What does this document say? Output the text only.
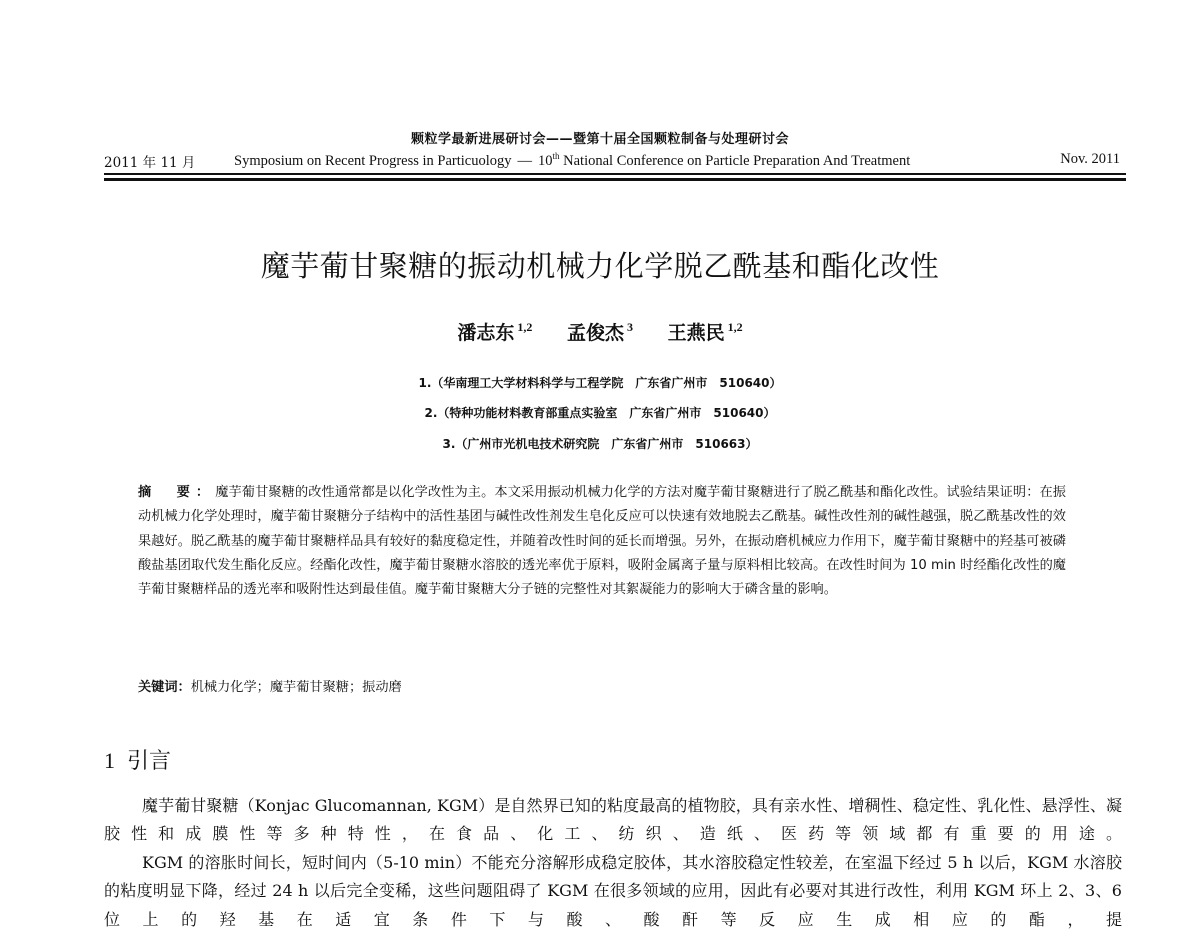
颗粒学最新进展研讨会——暨第十届全国颗粒制备与处理研讨会
2011 年 11 月	Symposium on Recent Progress in Particuology — 10th National Conference on Particle Preparation And Treatment	Nov. 2011
魔芋葡甘聚糖的振动机械力化学脱乙酰基和酯化改性
潘志东 $^{1,2}$ 孟俊杰 $^3$ 王燕民 $^{1,2}$
1.（华南理工大学材料科学与工程学院　广东省广州市　510640）
2.（特种功能材料教育部重点实验室　广东省广州市　510640）
3.（广州市光机电技术研究院　广东省广州市　510663）
摘　要：魔芋葡甘聚糖的改性通常都是以化学改性为主。本文采用振动机械力化学的方法对魔芋葡甘聚糖进行了脱乙酰基和酯化改性。试验结果证明：在振动机械力化学处理时，魔芋葡甘聚糖分子结构中的活性基团与碱性改性剂发生皂化反应可以快速有效地脱去乙酰基。碱性改性剂的碱性越强，脱乙酰基改性的效果越好。脱乙酰基的魔芋葡甘聚糖样品具有较好的黏度稳定性，并随着改性时间的延长而增强。另外，在振动磨机械应力作用下，魔芋葡甘聚糖中的羟基可被磷酸盐基团取代发生酯化反应。经酯化改性，魔芋葡甘聚糖水溶胶的透光率优于原料，吸附金属离子量与原料相比较高。在改性时间为 10 min 时经酯化改性的魔芋葡甘聚糖样品的透光率和吸附性达到最佳值。魔芋葡甘聚糖大分子链的完整性对其絮凝能力的影响大于磷含量的影响。
关键词：机械力化学；魔芋葡甘聚糖；振动磨
1 引言

魔芋葡甘聚糖（Konjac Glucomannan, KGM）是自然界已知的粘度最高的植物胶，具有亲水性、增稠性、稳定性、乳化性、悬浮性、凝胶性和成膜性等多种特性，在食品、化工、纺织、造纸、医药等领域都有重要的用途。

KGM 的溶胀时间长，短时间内（5-10 min）不能充分溶解形成稳定胶体，其水溶胶稳定性较差，在室温下经过 5 h 以后，KGM 水溶胶的粘度明显下降，经过 24 h 以后完全变稀，这些问题阻碍了 KGM 在很多领域的应用，因此有必要对其进行改性，利用 KGM 环上 2、3、6 位上的羟基在适宜条件下与酸、酸酐等反应生成相应的酯，提
